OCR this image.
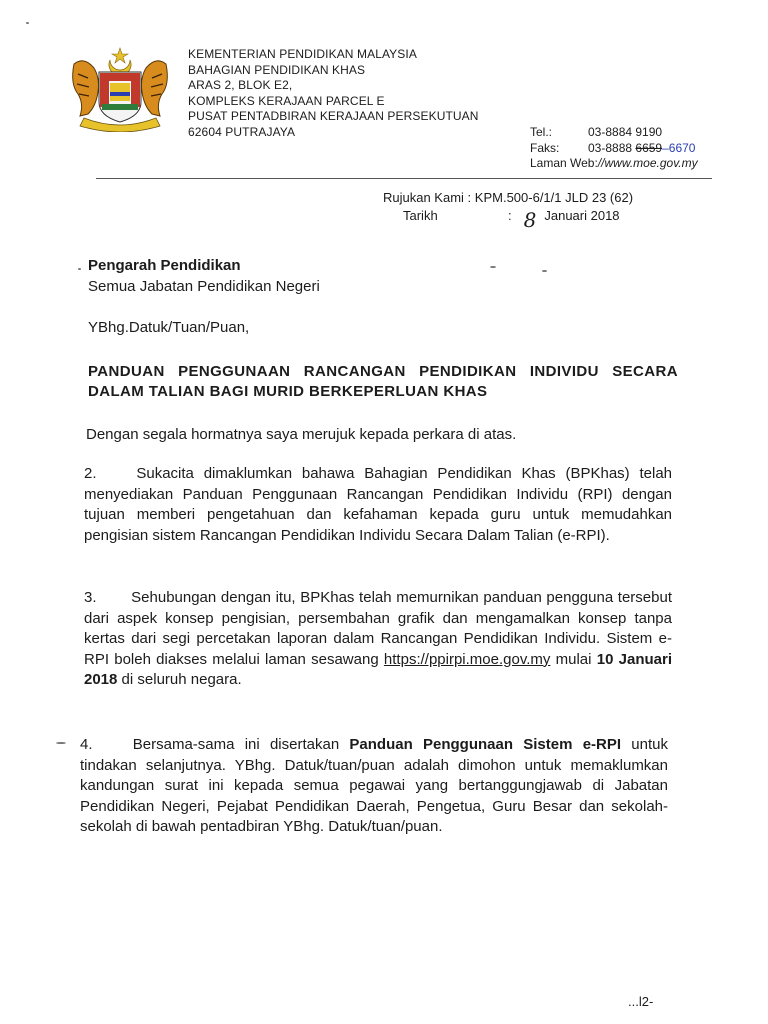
KEMENTERIAN PENDIDIKAN MALAYSIA
BAHAGIAN PENDIDIKAN KHAS
ARAS 2, BLOK E2,
KOMPLEKS KERAJAAN PARCEL E
PUSAT PENTADBIRAN KERAJAAN PERSEKUTUAN
62604 PUTRAJAYA	Tel.:	03-8884 9190
Faks:	03-8888
6659 –6670
Laman Web: //www.moe.gov.my
Rujukan Kami :
KPM.500-6/1/1 JLD 23 (62)
Tarikh	: 8 Januari 2018
Pengarah Pendidikan
Semua Jabatan Pendidikan Negeri
YBhg.Datuk/Tuan/Puan,
PANDUAN PENGGUNAAN RANCANGAN PENDIDIKAN INDIVIDU SECARA DALAM TALIAN BAGI MURID BERKEPERLUAN KHAS
Dengan segala hormatnya saya merujuk kepada perkara di atas.
2.	Sukacita dimaklumkan bahawa Bahagian Pendidikan Khas (BPKhas) telah menyediakan Panduan Penggunaan Rancangan Pendidikan Individu (RPI) dengan tujuan memberi pengetahuan dan kefahaman kepada guru untuk memudahkan pengisian sistem Rancangan Pendidikan Individu Secara Dalam Talian (e-RPI).
3. Sehubungan dengan itu, BPKhas telah memurnikan panduan pengguna tersebut dari aspek konsep pengisian, persembahan grafik dan mengamalkan konsep tanpa kertas dari segi percetakan laporan dalam Rancangan Pendidikan Individu. Sistem e-RPI boleh diakses melalui laman sesawang https://ppirpi.moe.gov.my mulai 10 Januari 2018 di seluruh negara.
4.	Bersama-sama ini disertakan Panduan Penggunaan Sistem e-RPI untuk tindakan selanjutnya. YBhg. Datuk/tuan/puan adalah dimohon untuk memaklumkan kandungan surat ini kepada semua pegawai yang bertanggungjawab di Jabatan Pendidikan Negeri, Pejabat Pendidikan Daerah, Pengetua, Guru Besar dan sekolah-sekolah di bawah pentadbiran YBhg. Datuk/tuan/puan.
...l2-
